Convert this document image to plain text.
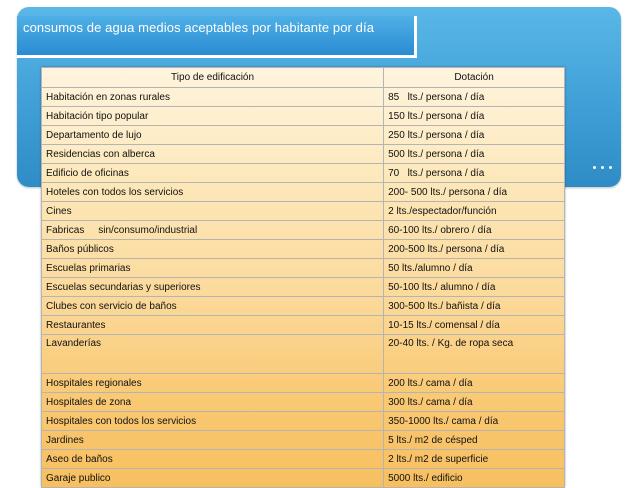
consumos de agua medios aceptables por habitante por día
Tipo de edificación	Dotación
Habitación en zonas rurales	85   lts./ persona / día
Habitación tipo popular	150 lts./ persona / día
Departamento de lujo	250 lts./ persona / día
Residencias con alberca	500 lts./ persona / día
Edificio de oficinas	70   lts./ persona / día
Hoteles con todos los servicios	200- 500 lts./ persona / día
Cines	2 lts./espectador/función
Fabricas     sin/consumo/industrial	60-100 lts./ obrero / día
Baños públicos	200-500 lts./ persona / día
Escuelas primarias	50 lts./alumno / día
Escuelas secundarias y superiores	50-100 lts./ alumno / día
Clubes con servicio de baños	300-500 lts./ bañista / día
Restaurantes	10-15 lts./ comensal / día
Lavanderías	20-40 lts. / Kg. de ropa seca
Hospitales regionales	200 lts./ cama / día
Hospitales de zona	300 lts./ cama / día
Hospitales con todos los servicios	350-1000 lts./ cama / día
Jardines	5 lts./ m2 de césped
Aseo de baños	2 lts./ m2 de superficie
Garaje publico	5000 lts./ edificio
